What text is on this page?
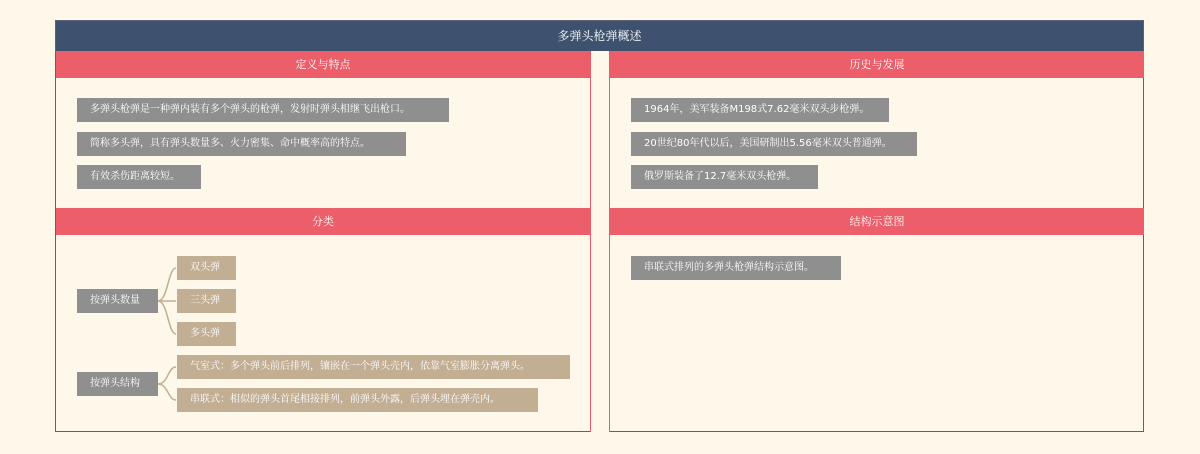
多弹头枪弹概述
定义与特点
多弹头枪弹是一种弹内装有多个弹头的枪弹，发射时弹头相继飞出枪口。
简称多头弹，具有弹头数量多、火力密集、命中概率高的特点。
有效杀伤距离较短。
历史与发展
1964年，美军装备M198式7.62毫米双头步枪弹。
20世纪80年代以后，美国研制出5.56毫米双头普通弹。
俄罗斯装备了12.7毫米双头枪弹。
分类
按弹头数量
双头弹
三头弹
多头弹
按弹头结构
气室式：多个弹头前后排列，镶嵌在一个弹头壳内，依靠气室膨胀分离弹头。
串联式：相似的弹头首尾相接排列，前弹头外露，后弹头埋在弹壳内。
结构示意图
串联式排列的多弹头枪弹结构示意图。
